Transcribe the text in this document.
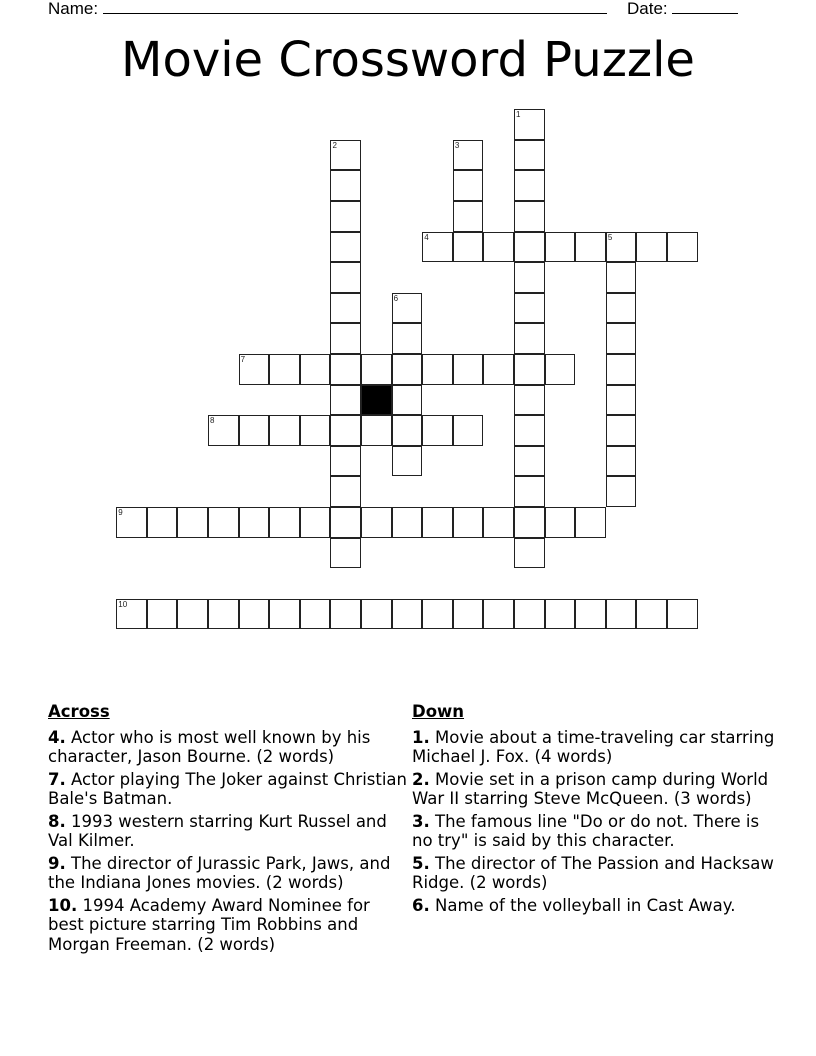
Name:	Date:
Movie Crossword Puzzle
1
2	3
4	5
6
7
8
9
10
Across
4. Actor who is most well known by his character, Jason Bourne. (2 words)
7. Actor playing The Joker against Christian Bale's Batman.
8. 1993 western starring Kurt Russel and Val Kilmer.
9. The director of Jurassic Park, Jaws, and the Indiana Jones movies. (2 words)
10. 1994 Academy Award Nominee for best picture starring Tim Robbins and Morgan Freeman. (2 words)
Down
1. Movie about a time-traveling car starring Michael J. Fox. (4 words)
2. Movie set in a prison camp during World War II starring Steve McQueen. (3 words)
3. The famous line "Do or do not. There is no try" is said by this character.
5. The director of The Passion and Hacksaw Ridge. (2 words)
6. Name of the volleyball in Cast Away.
